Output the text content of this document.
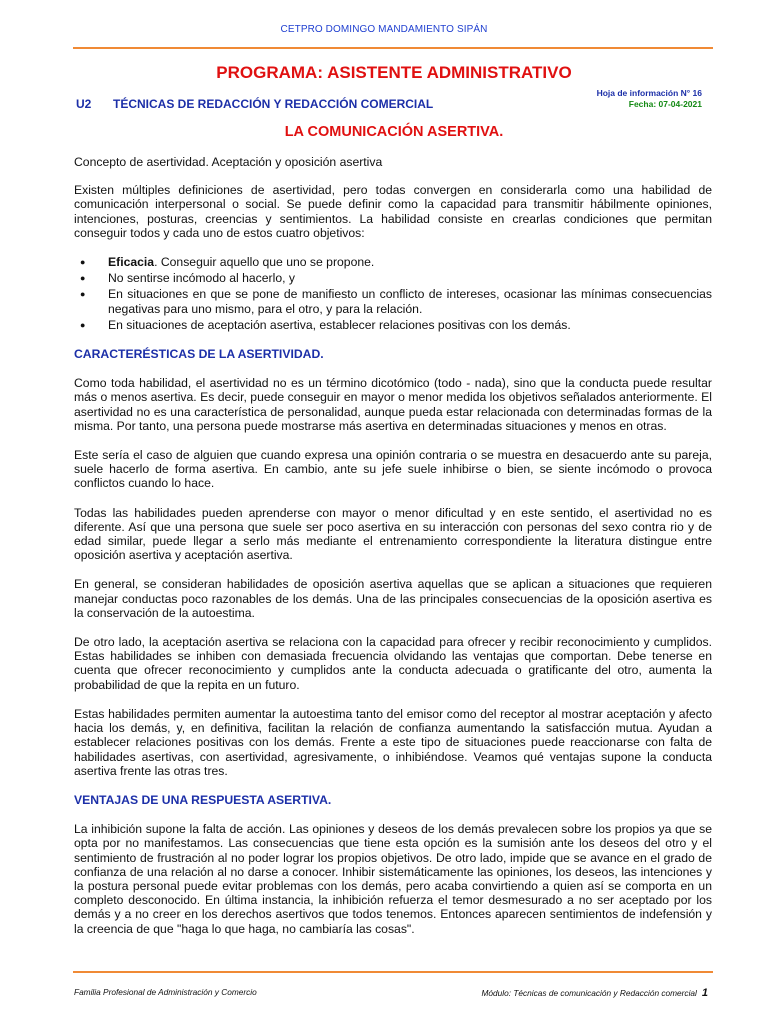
CETPRO DOMINGO MANDAMIENTO SIPÁN
PROGRAMA: ASISTENTE ADMINISTRATIVO
U2 TÉCNICAS DE REDACCIÓN Y REDACCIÓN COMERCIAL
Hoja de información N° 16
Fecha: 07-04-2021
LA COMUNICACIÓN ASERTIVA.

Concepto de asertividad. Aceptación y oposición asertiva

Existen múltiples definiciones de asertividad, pero todas convergen en considerarla como una habilidad de comunicación interpersonal o social. Se puede definir como la capacidad para transmitir hábilmente opiniones, intenciones, posturas, creencias y sentimientos. La habilidad consiste en crearlas condiciones que permitan conseguir todos y cada uno de estos cuatro objetivos:

● Eficacia. Conseguir aquello que uno se propone.
● No sentirse incómodo al hacerlo, y
● En situaciones en que se pone de manifiesto un conflicto de intereses, ocasionar las mínimas consecuencias negativas para uno mismo, para el otro, y para la relación.
● En situaciones de aceptación asertiva, establecer relaciones positivas con los demás.

CARACTERÉSTICAS DE LA ASERTIVIDAD.

Como toda habilidad, el asertividad no es un término dicotómico (todo - nada), sino que la conducta puede resultar más o menos asertiva. Es decir, puede conseguir en mayor o menor medida los objetivos señalados anteriormente. El asertividad no es una característica de personalidad, aunque pueda estar relacionada con determinadas formas de la misma. Por tanto, una persona puede mostrarse más asertiva en determinadas situaciones y menos en otras.

Este sería el caso de alguien que cuando expresa una opinión contraria o se muestra en desacuerdo ante su pareja, suele hacerlo de forma asertiva. En cambio, ante su jefe suele inhibirse o bien, se siente incómodo o provoca conflictos cuando lo hace.

Todas las habilidades pueden aprenderse con mayor o menor dificultad y en este sentido, el asertividad no es diferente. Así que una persona que suele ser poco asertiva en su interacción con personas del sexo contra rio y de edad similar, puede llegar a serlo más mediante el entrenamiento correspondiente la literatura distingue entre oposición asertiva y aceptación asertiva.

En general, se consideran habilidades de oposición asertiva aquellas que se aplican a situaciones que requieren manejar conductas poco razonables de los demás. Una de las principales consecuencias de la oposición asertiva es la conservación de la autoestima.

De otro lado, la aceptación asertiva se relaciona con la capacidad para ofrecer y recibir reconocimiento y cumplidos. Estas habilidades se inhiben con demasiada frecuencia olvidando las ventajas que comportan. Debe tenerse en cuenta que ofrecer reconocimiento y cumplidos ante la conducta adecuada o gratificante del otro, aumenta la probabilidad de que la repita en un futuro.

Estas habilidades permiten aumentar la autoestima tanto del emisor como del receptor al mostrar aceptación y afecto hacia los demás, y, en definitiva, facilitan la relación de confianza aumentando la satisfacción mutua. Ayudan a establecer relaciones positivas con los demás. Frente a este tipo de situaciones puede reaccionarse con falta de habilidades asertivas, con asertividad, agresivamente, o inhibiéndose. Veamos qué ventajas supone la conducta asertiva frente las otras tres.

VENTAJAS DE UNA RESPUESTA ASERTIVA.

La inhibición supone la falta de acción. Las opiniones y deseos de los demás prevalecen sobre los propios ya que se opta por no manifestamos. Las consecuencias que tiene esta opción es la sumisión ante los deseos del otro y el sentimiento de frustración al no poder lograr los propios objetivos. De otro lado, impide que se avance en el grado de confianza de una relación al no darse a conocer. Inhibir sistemáticamente las opiniones, los deseos, las intenciones y la postura personal puede evitar problemas con los demás, pero acaba convirtiendo a quien así se comporta en un completo desconocido. En última instancia, la inhibición refuerza el temor desmesurado a no ser aceptado por los demás y a no creer en los derechos asertivos que todos tenemos. Entonces aparecen sentimientos de indefensión y la creencia de que "haga lo que haga, no cambiaría las cosas".

Familia Profesional de Administración y Comercio	Módulo: Técnicas de comunicación y Redacción comercial 1
